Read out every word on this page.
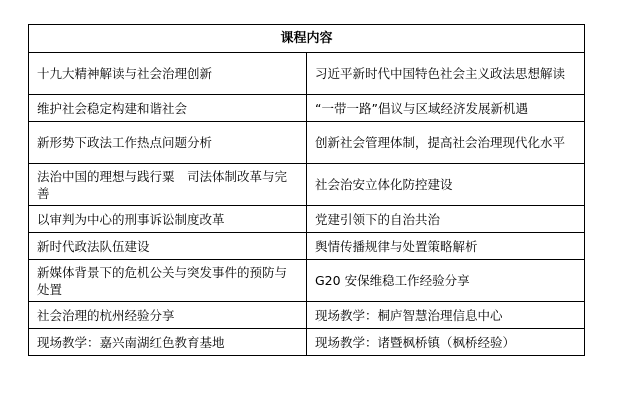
课程内容	
十九大精神解读与社会治理创新	习近平新时代中国特色社会主义政法思想解读
维护社会稳定构建和谐社会	“一带一路”倡议与区域经济发展新机遇
新形势下政法工作热点问题分析	创新社会管理体制，提高社会治理现代化水平
法治中国的理想与践行粟　司法体制改革与完善	社会治安立体化防控建设
以审判为中心的刑事诉讼制度改革	党建引领下的自治共治
新时代政法队伍建设	舆情传播规律与处置策略解析
新媒体背景下的危机公关与突发事件的预防与处置	G20 安保维稳工作经验分享
社会治理的杭州经验分享	现场教学：桐庐智慧治理信息中心
现场教学：嘉兴南湖红色教育基地	现场教学：诸暨枫桥镇（枫桥经验）
